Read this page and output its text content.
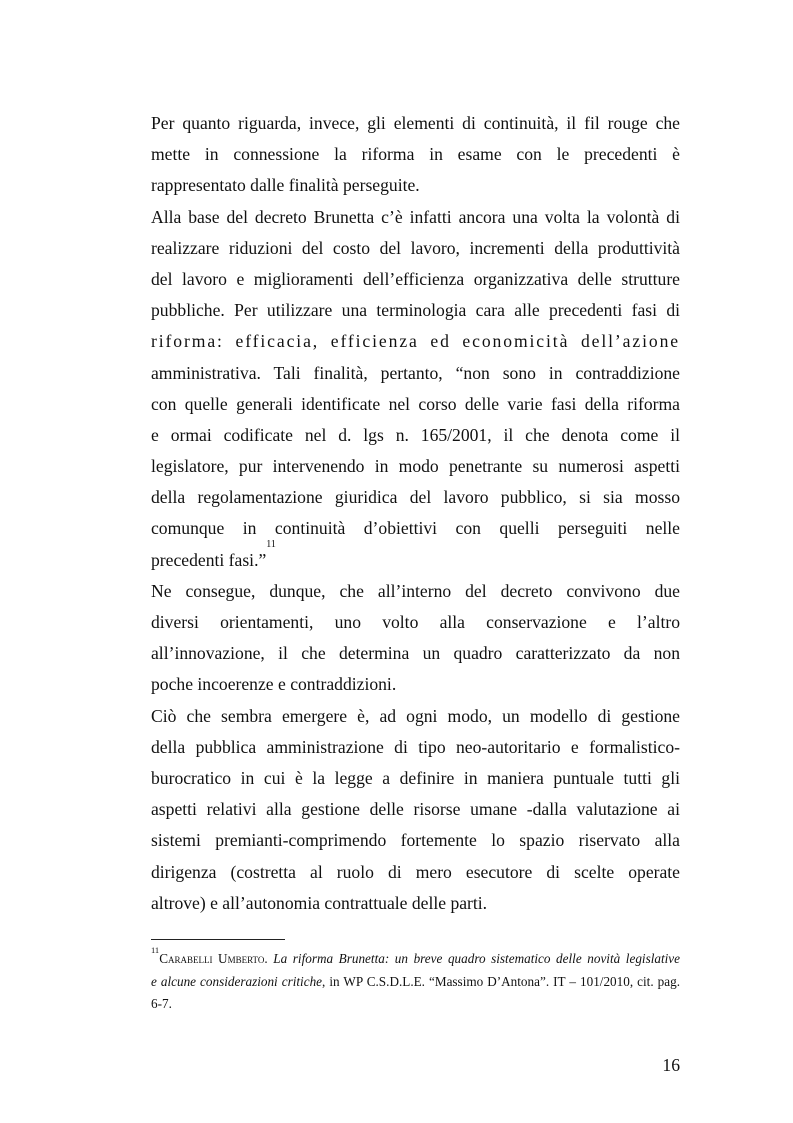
Per quanto riguarda, invece, gli elementi di continuità, il fil rouge che
mette in connessione la riforma in esame con le precedenti è
rappresentato dalle finalità perseguite.
Alla base del decreto Brunetta c’è infatti ancora una volta la volontà di
realizzare riduzioni del costo del lavoro, incrementi della produttività
del lavoro e miglioramenti dell’efficienza organizzativa delle strutture
pubbliche. Per utilizzare una terminologia cara alle precedenti fasi di
riforma: efficacia, efficienza ed economicità dell’azione
amministrativa. Tali finalità, pertanto, “non sono in contraddizione
con quelle generali identificate nel corso delle varie fasi della riforma
e ormai codificate nel d. lgs n. 165/2001, il che denota come il
legislatore, pur intervenendo in modo penetrante su numerosi aspetti
della regolamentazione giuridica del lavoro pubblico, si sia mosso
comunque in continuità d’obiettivi con quelli perseguiti nelle
precedenti fasi.”$^{11}$
Ne consegue, dunque, che all’interno del decreto convivono due
diversi orientamenti, uno volto alla conservazione e l’altro
all’innovazione, il che determina un quadro caratterizzato da non
poche incoerenze e contraddizioni.
Ciò che sembra emergere è, ad ogni modo, un modello di gestione
della pubblica amministrazione di tipo neo-autoritario e formalistico-
burocratico in cui è la legge a definire in maniera puntuale tutti gli
aspetti relativi alla gestione delle risorse umane -dalla valutazione ai
sistemi premianti-comprimendo fortemente lo spazio riservato alla
dirigenza (costretta al ruolo di mero esecutore di scelte operate
altrove) e all’autonomia contrattuale delle parti.
$^{11}$Carabelli Umberto. La riforma Brunetta: un breve quadro sistematico delle novità legislative
e alcune considerazioni critiche, in WP C.S.D.L.E. “Massimo D’Antona”. IT – 101/2010, cit. pag.
6-7.
16
